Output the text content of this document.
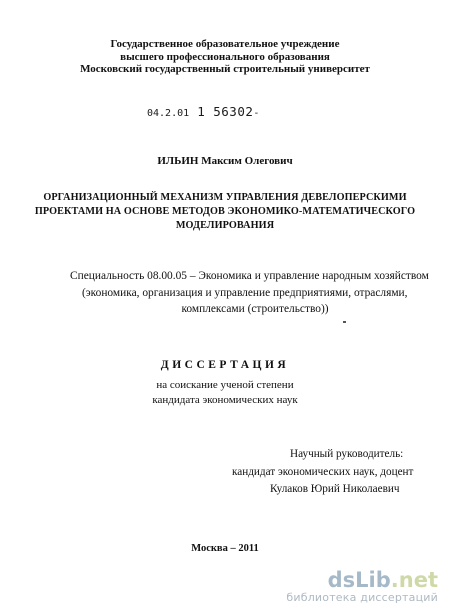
Государственное образовательное учреждение
высшего профессионального образования
Московский государственный строительный университет
04.2.01 1 56302-
ИЛЬИН Максим Олегович
ОРГАНИЗАЦИОННЫЙ МЕХАНИЗМ УПРАВЛЕНИЯ ДЕВЕЛОПЕРСКИМИ
ПРОЕКТАМИ НА ОСНОВЕ МЕТОДОВ ЭКОНОМИКО-МАТЕМАТИЧЕСКОГО
МОДЕЛИРОВАНИЯ
Специальность 08.00.05 – Экономика и управление народным хозяйством
(экономика, организация и управление предприятиями, отраслями,
комплексами (строительство))
ДИССЕРТАЦИЯ
на соискание ученой степени
кандидата экономических наук
Научный руководитель:
кандидат экономических наук, доцент
Кулаков Юрий Николаевич
Москва – 2011
dsLib.net
библиотека диссертаций
